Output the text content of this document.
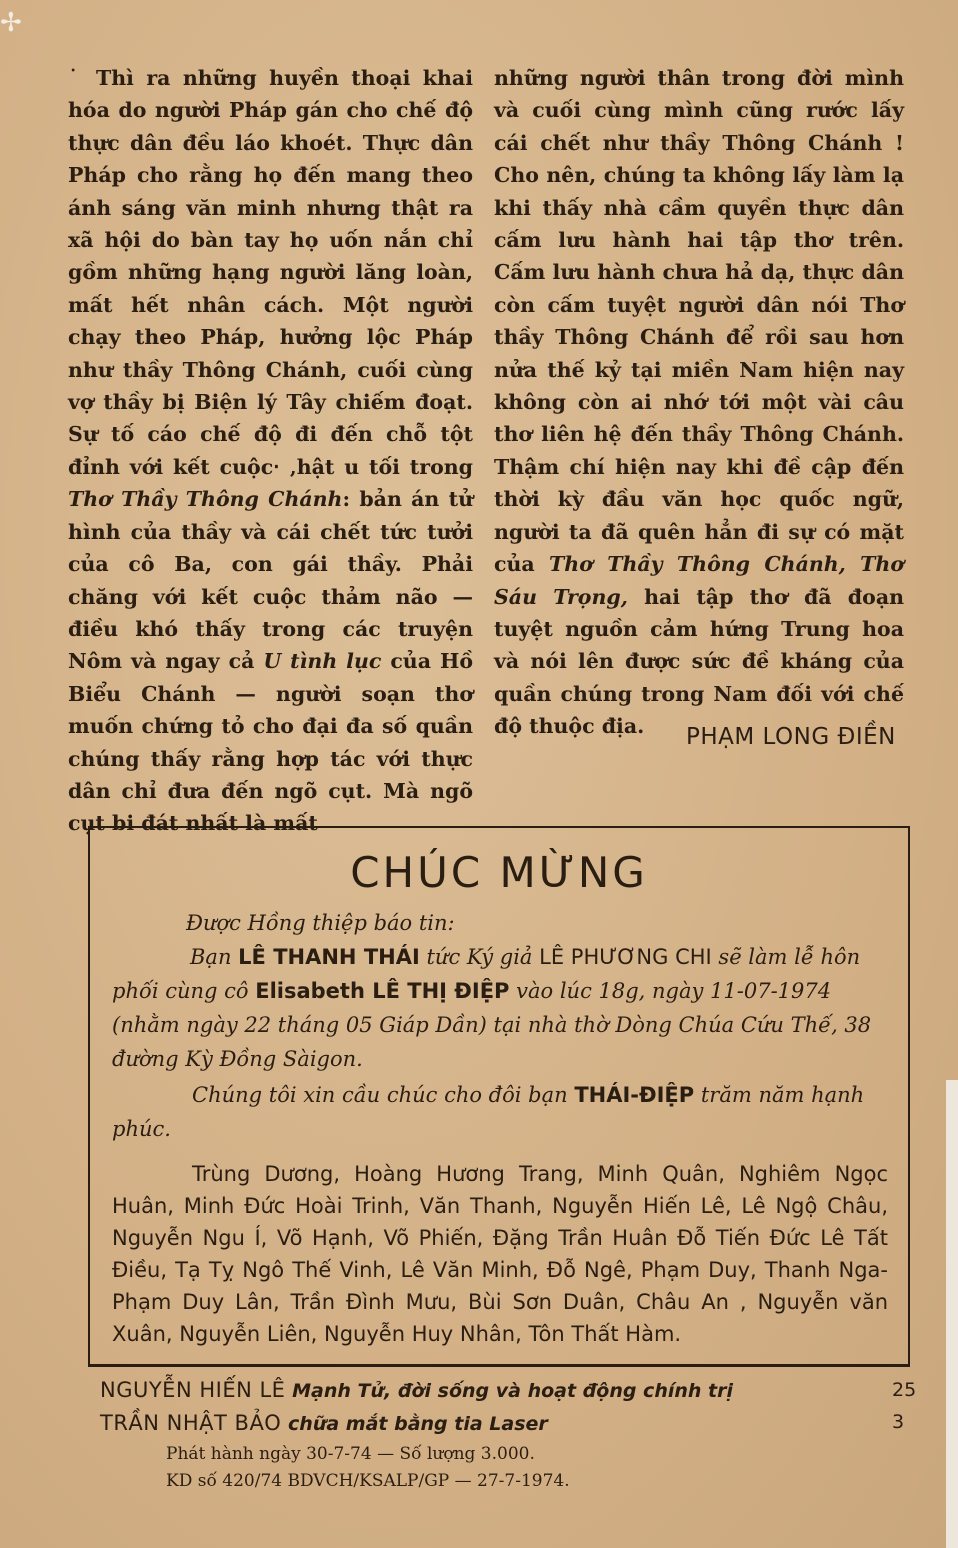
✢

˙ Thì ra những huyền thoại khai hóa do người Pháp gán cho chế độ thực dân đều láo khoét. Thực dân Pháp cho rằng họ đến mang theo ánh sáng văn minh nhưng thật ra xã hội do bàn tay họ uốn nắn chỉ gồm những hạng người lăng loàn, mất hết nhân cách. Một người chạy theo Pháp, hưởng lộc Pháp như thầy Thông Chánh, cuối cùng vợ thầy bị Biện lý Tây chiếm đoạt. Sự tố cáo chế độ đi đến chỗ tột đỉnh với kết cuộc‧ ‚hật u tối trong Thơ Thầy Thông Chánh: bản án tử hình của thầy và cái chết tức tưởi của cô Ba, con gái thầy. Phải chăng với kết cuộc thảm não — điều khó thấy trong các truyện Nôm và ngay cả U tình lục của Hồ Biểu Chánh — người soạn thơ muốn chứng tỏ cho đại đa số quần chúng thấy rằng hợp tác với thực dân chỉ đưa đến ngõ cụt. Mà ngõ cụt bi đát nhất là mất

những người thân trong đời mình và cuối cùng mình cũng rước lấy cái chết như thầy Thông Chánh ! Cho nên, chúng ta không lấy làm lạ khi thấy nhà cầm quyền thực dân cấm lưu hành hai tập thơ trên. Cấm lưu hành chưa hả dạ, thực dân còn cấm tuyệt người dân nói Thơ thầy Thông Chánh để rồi sau hơn nửa thế kỷ tại miền Nam hiện nay không còn ai nhớ tới một vài câu thơ liên hệ đến thầy Thông Chánh. Thậm chí hiện nay khi đề cập đến thời kỳ đầu văn học quốc ngữ, người ta đã quên hẳn đi sự có mặt của Thơ Thầy Thông Chánh, Thơ Sáu Trọng, hai tập thơ đã đoạn tuyệt nguồn cảm hứng Trung hoa và nói lên được sức đề kháng của quần chúng trong Nam đối với chế độ thuộc địa.	PHẠM LONG ĐIỀN
CHÚC MỪNG
Được Hồng thiệp báo tin:
Bạn LÊ THANH THÁI tức Ký giả LÊ PHƯƠNG CHI sẽ làm lễ hôn phối cùng cô Elisabeth LÊ THỊ ĐIỆP vào lúc 18g, ngày 11-07-1974 (nhằm ngày 22 tháng 05 Giáp Dần) tại nhà thờ Dòng Chúa Cứu Thế, 38 đường Kỳ Đồng Sàigon.
Chúng tôi xin cầu chúc cho đôi bạn THÁI-ĐIỆP trăm năm hạnh phúc.
Trùng Dương, Hoàng Hương Trang, Minh Quân, Nghiêm Ngọc Huân, Minh Đức Hoài Trinh, Văn Thanh, Nguyễn Hiến Lê, Lê Ngộ Châu, Nguyễn Ngu Í, Võ Hạnh, Võ Phiến, Đặng Trần Huân Đỗ Tiến Đức Lê Tất Điều, Tạ Tỵ Ngô Thế Vinh, Lê Văn Minh, Đỗ Ngê, Phạm Duy, Thanh Nga-Phạm Duy Lân, Trần Đình Mưu, Bùi Sơn Duân, Châu An , Nguyễn văn Xuân, Nguyễn Liên, Nguyễn Huy Nhân, Tôn Thất Hàm.
NGUYỄN HIẾN LÊ Mạnh Tử, đời sống và hoạt động chính trị
TRẦN NHẬT BẢO chữa mắt bằng tia Laser
Phát hành ngày 30-7-74 — Số lượng 3.000.
KD số 420/74 BDVCH/KSALP/GP — 27-7-1974.
25
3
